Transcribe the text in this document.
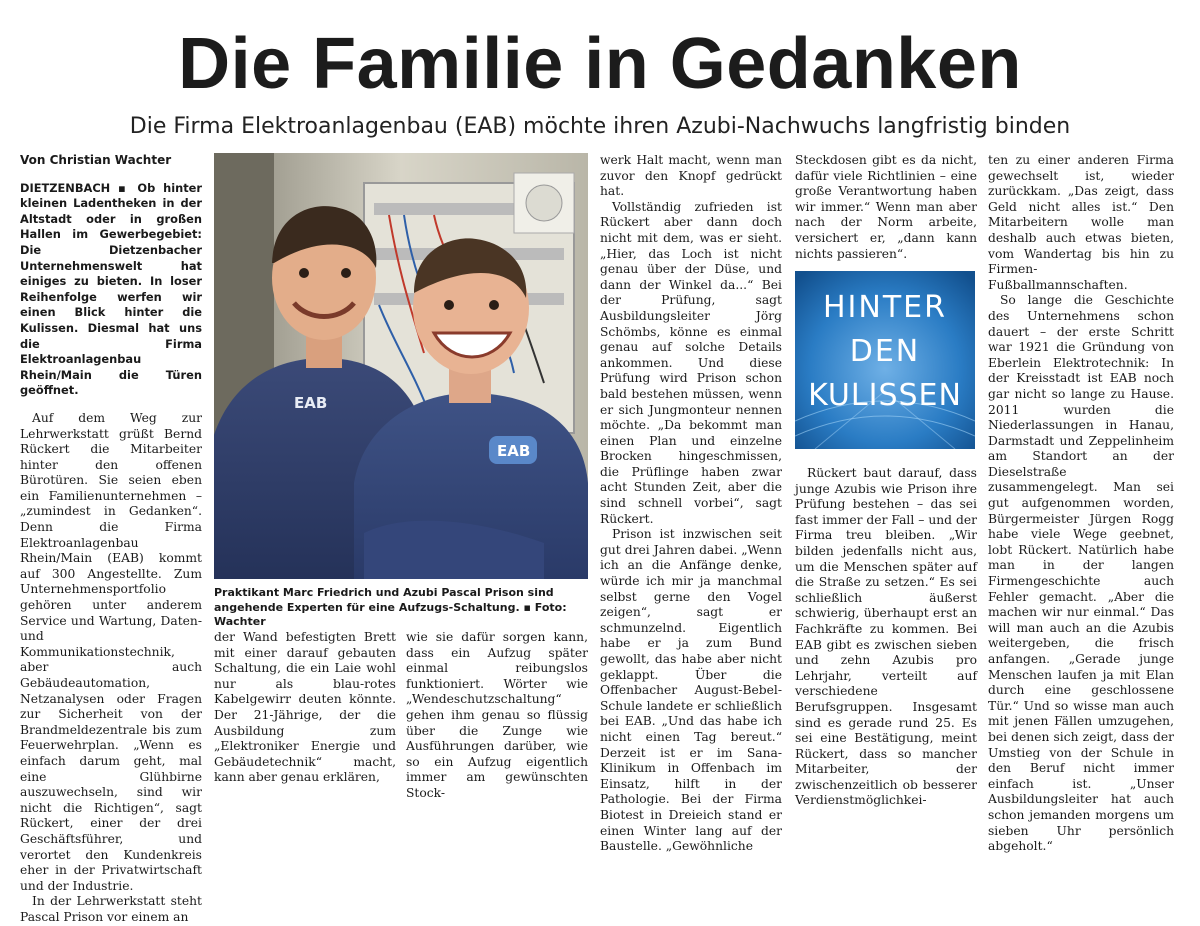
Die Familie in Gedanken
Die Firma Elektroanlagenbau (EAB) möchte ihren Azubi-Nachwuchs langfristig binden

Von Christian Wachter

DIETZENBACH ▪ Ob hinter kleinen Ladentheken in der Altstadt oder in großen Hallen im Gewerbegebiet: Die Dietzenbacher Unternehmenswelt hat einiges zu bieten. In loser Reihenfolge werfen wir einen Blick hinter die Kulissen. Diesmal hat uns die Firma Elektroanlagenbau Rhein/Main die Türen geöffnet.

Auf dem Weg zur Lehrwerkstatt grüßt Bernd Rückert die Mitarbeiter hinter den offenen Bürotüren. Sie seien eben ein Familienunternehmen – „zumindest in Gedanken“. Denn die Firma Elektroanlagenbau Rhein/Main (EAB) kommt auf 300 Angestellte. Zum Unternehmensportfolio gehören unter anderem Service und Wartung, Daten- und Kommunikationstechnik, aber auch Gebäudeautomation, Netzanalysen oder Fragen zur Sicherheit von der Brandmeldezentrale bis zum Feuerwehrplan. „Wenn es einfach darum geht, mal eine Glühbirne auszuwechseln, sind wir nicht die Richtigen“, sagt Rückert, einer der drei Geschäftsführer, und verortet den Kundenkreis eher in der Privatwirtschaft und der Industrie.

In der Lehrwerkstatt steht Pascal Prison vor einem an

EAB
EAB
Praktikant Marc Friedrich und Azubi Pascal Prison sind angehende Experten für eine Aufzugs-Schaltung. ▪ Foto: Wachter

der Wand befestigten Brett mit einer darauf gebauten Schaltung, die ein Laie wohl nur als blau-rotes Kabelgewirr deuten könnte. Der 21-Jährige, der die Ausbildung zum „Elektroniker Energie und Gebäudetechnik“ macht, kann aber genau erklären,

wie sie dafür sorgen kann, dass ein Aufzug später einmal reibungslos funktioniert. Wörter wie „Wendeschutzschaltung“ gehen ihm genau so flüssig über die Zunge wie Ausführungen darüber, wie so ein Aufzug eigentlich immer am gewünschten Stock-

werk Halt macht, wenn man zuvor den Knopf gedrückt hat.

Vollständig zufrieden ist Rückert aber dann doch nicht mit dem, was er sieht. „Hier, das Loch ist nicht genau über der Düse, und dann der Winkel da...“ Bei der Prüfung, sagt Ausbildungsleiter Jörg Schömbs, könne es einmal genau auf solche Details ankommen. Und diese Prüfung wird Prison schon bald bestehen müssen, wenn er sich Jungmonteur nennen möchte. „Da bekommt man einen Plan und einzelne Brocken hingeschmissen, die Prüflinge haben zwar acht Stunden Zeit, aber die sind schnell vorbei“, sagt Rückert.

Prison ist inzwischen seit gut drei Jahren dabei. „Wenn ich an die Anfänge denke, würde ich mir ja manchmal selbst gerne den Vogel zeigen“, sagt er schmunzelnd. Eigentlich habe er ja zum Bund gewollt, das habe aber nicht geklappt. Über die Offenbacher August-Bebel-Schule landete er schließlich bei EAB. „Und das habe ich nicht einen Tag bereut.“ Derzeit ist er im Sana-Klinikum in Offenbach im Einsatz, hilft in der Pathologie. Bei der Firma Biotest in Dreieich stand er einen Winter lang auf der Baustelle. „Gewöhnliche

Steckdosen gibt es da nicht, dafür viele Richtlinien – eine große Verantwortung haben wir immer.“ Wenn man aber nach der Norm arbeite, versichert er, „dann kann nichts passieren“.

HINTER
DEN
KULISSEN

Rückert baut darauf, dass junge Azubis wie Prison ihre Prüfung bestehen – das sei fast immer der Fall – und der Firma treu bleiben. „Wir bilden jedenfalls nicht aus, um die Menschen später auf die Straße zu setzen.“ Es sei schließlich äußerst schwierig, überhaupt erst an Fachkräfte zu kommen. Bei EAB gibt es zwischen sieben und zehn Azubis pro Lehrjahr, verteilt auf verschiedene Berufsgruppen. Insgesamt sind es gerade rund 25. Es sei eine Bestätigung, meint Rückert, dass so mancher Mitarbeiter, der zwischenzeitlich ob besserer Verdienstmöglichkei-

ten zu einer anderen Firma gewechselt ist, wieder zurückkam. „Das zeigt, dass Geld nicht alles ist.“ Den Mitarbeitern wolle man deshalb auch etwas bieten, vom Wandertag bis hin zu Firmen-Fußballmannschaften.

So lange die Geschichte des Unternehmens schon dauert – der erste Schritt war 1921 die Gründung von Eberlein Elektrotechnik: In der Kreisstadt ist EAB noch gar nicht so lange zu Hause. 2011 wurden die Niederlassungen in Hanau, Darmstadt und Zeppelinheim am Standort an der Dieselstraße zusammengelegt. Man sei gut aufgenommen worden, Bürgermeister Jürgen Rogg habe viele Wege geebnet, lobt Rückert. Natürlich habe man in der langen Firmengeschichte auch Fehler gemacht. „Aber die machen wir nur einmal.“ Das will man auch an die Azubis weitergeben, die frisch anfangen. „Gerade junge Menschen laufen ja mit Elan durch eine geschlossene Tür.“ Und so wisse man auch mit jenen Fällen umzugehen, bei denen sich zeigt, dass der Umstieg von der Schule in den Beruf nicht immer einfach ist. „Unser Ausbildungsleiter hat auch schon jemanden morgens um sieben Uhr persönlich abgeholt.“
